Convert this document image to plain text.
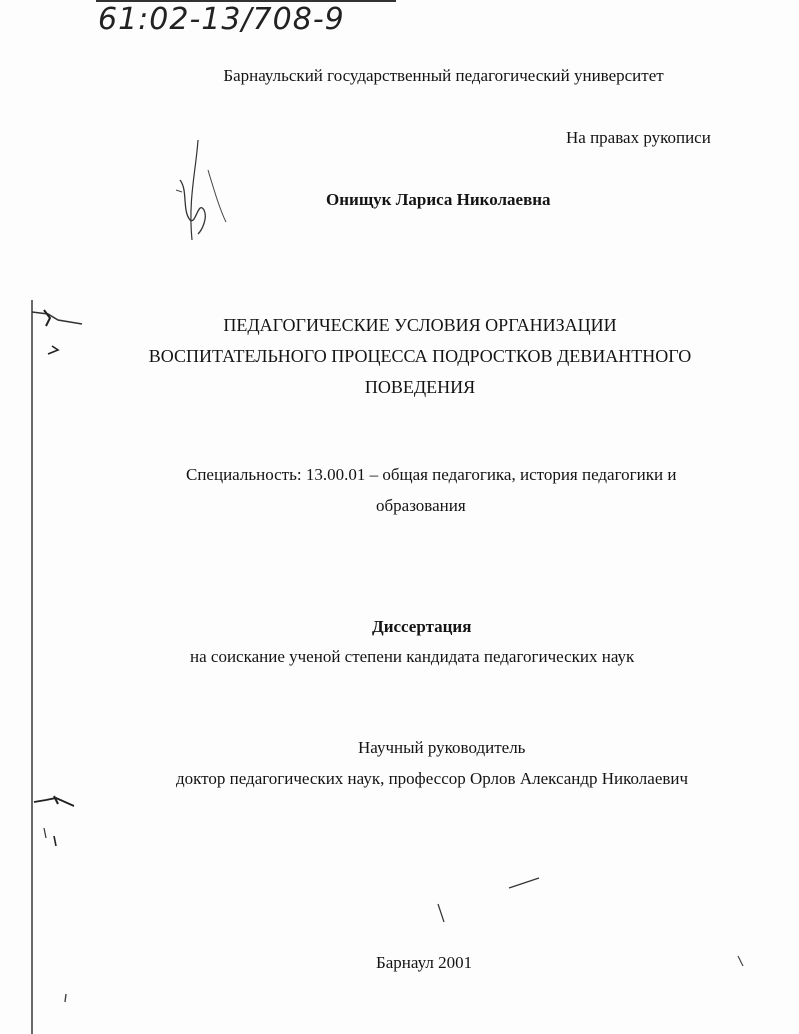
61:02-13/708-9
Барнаульский государственный педагогический университет
На правах рукописи
Онищук Лариса Николаевна
ПЕДАГОГИЧЕСКИЕ УСЛОВИЯ ОРГАНИЗАЦИИ
ВОСПИТАТЕЛЬНОГО ПРОЦЕССА ПОДРОСТКОВ ДЕВИАНТНОГО
ПОВЕДЕНИЯ
Специальность: 13.00.01 – общая педагогика, история педагогики и
образования
Диссертация
на соискание ученой степени кандидата педагогических наук
Научный руководитель
доктор педагогических наук, профессор Орлов Александр Николаевич
Барнаул 2001
